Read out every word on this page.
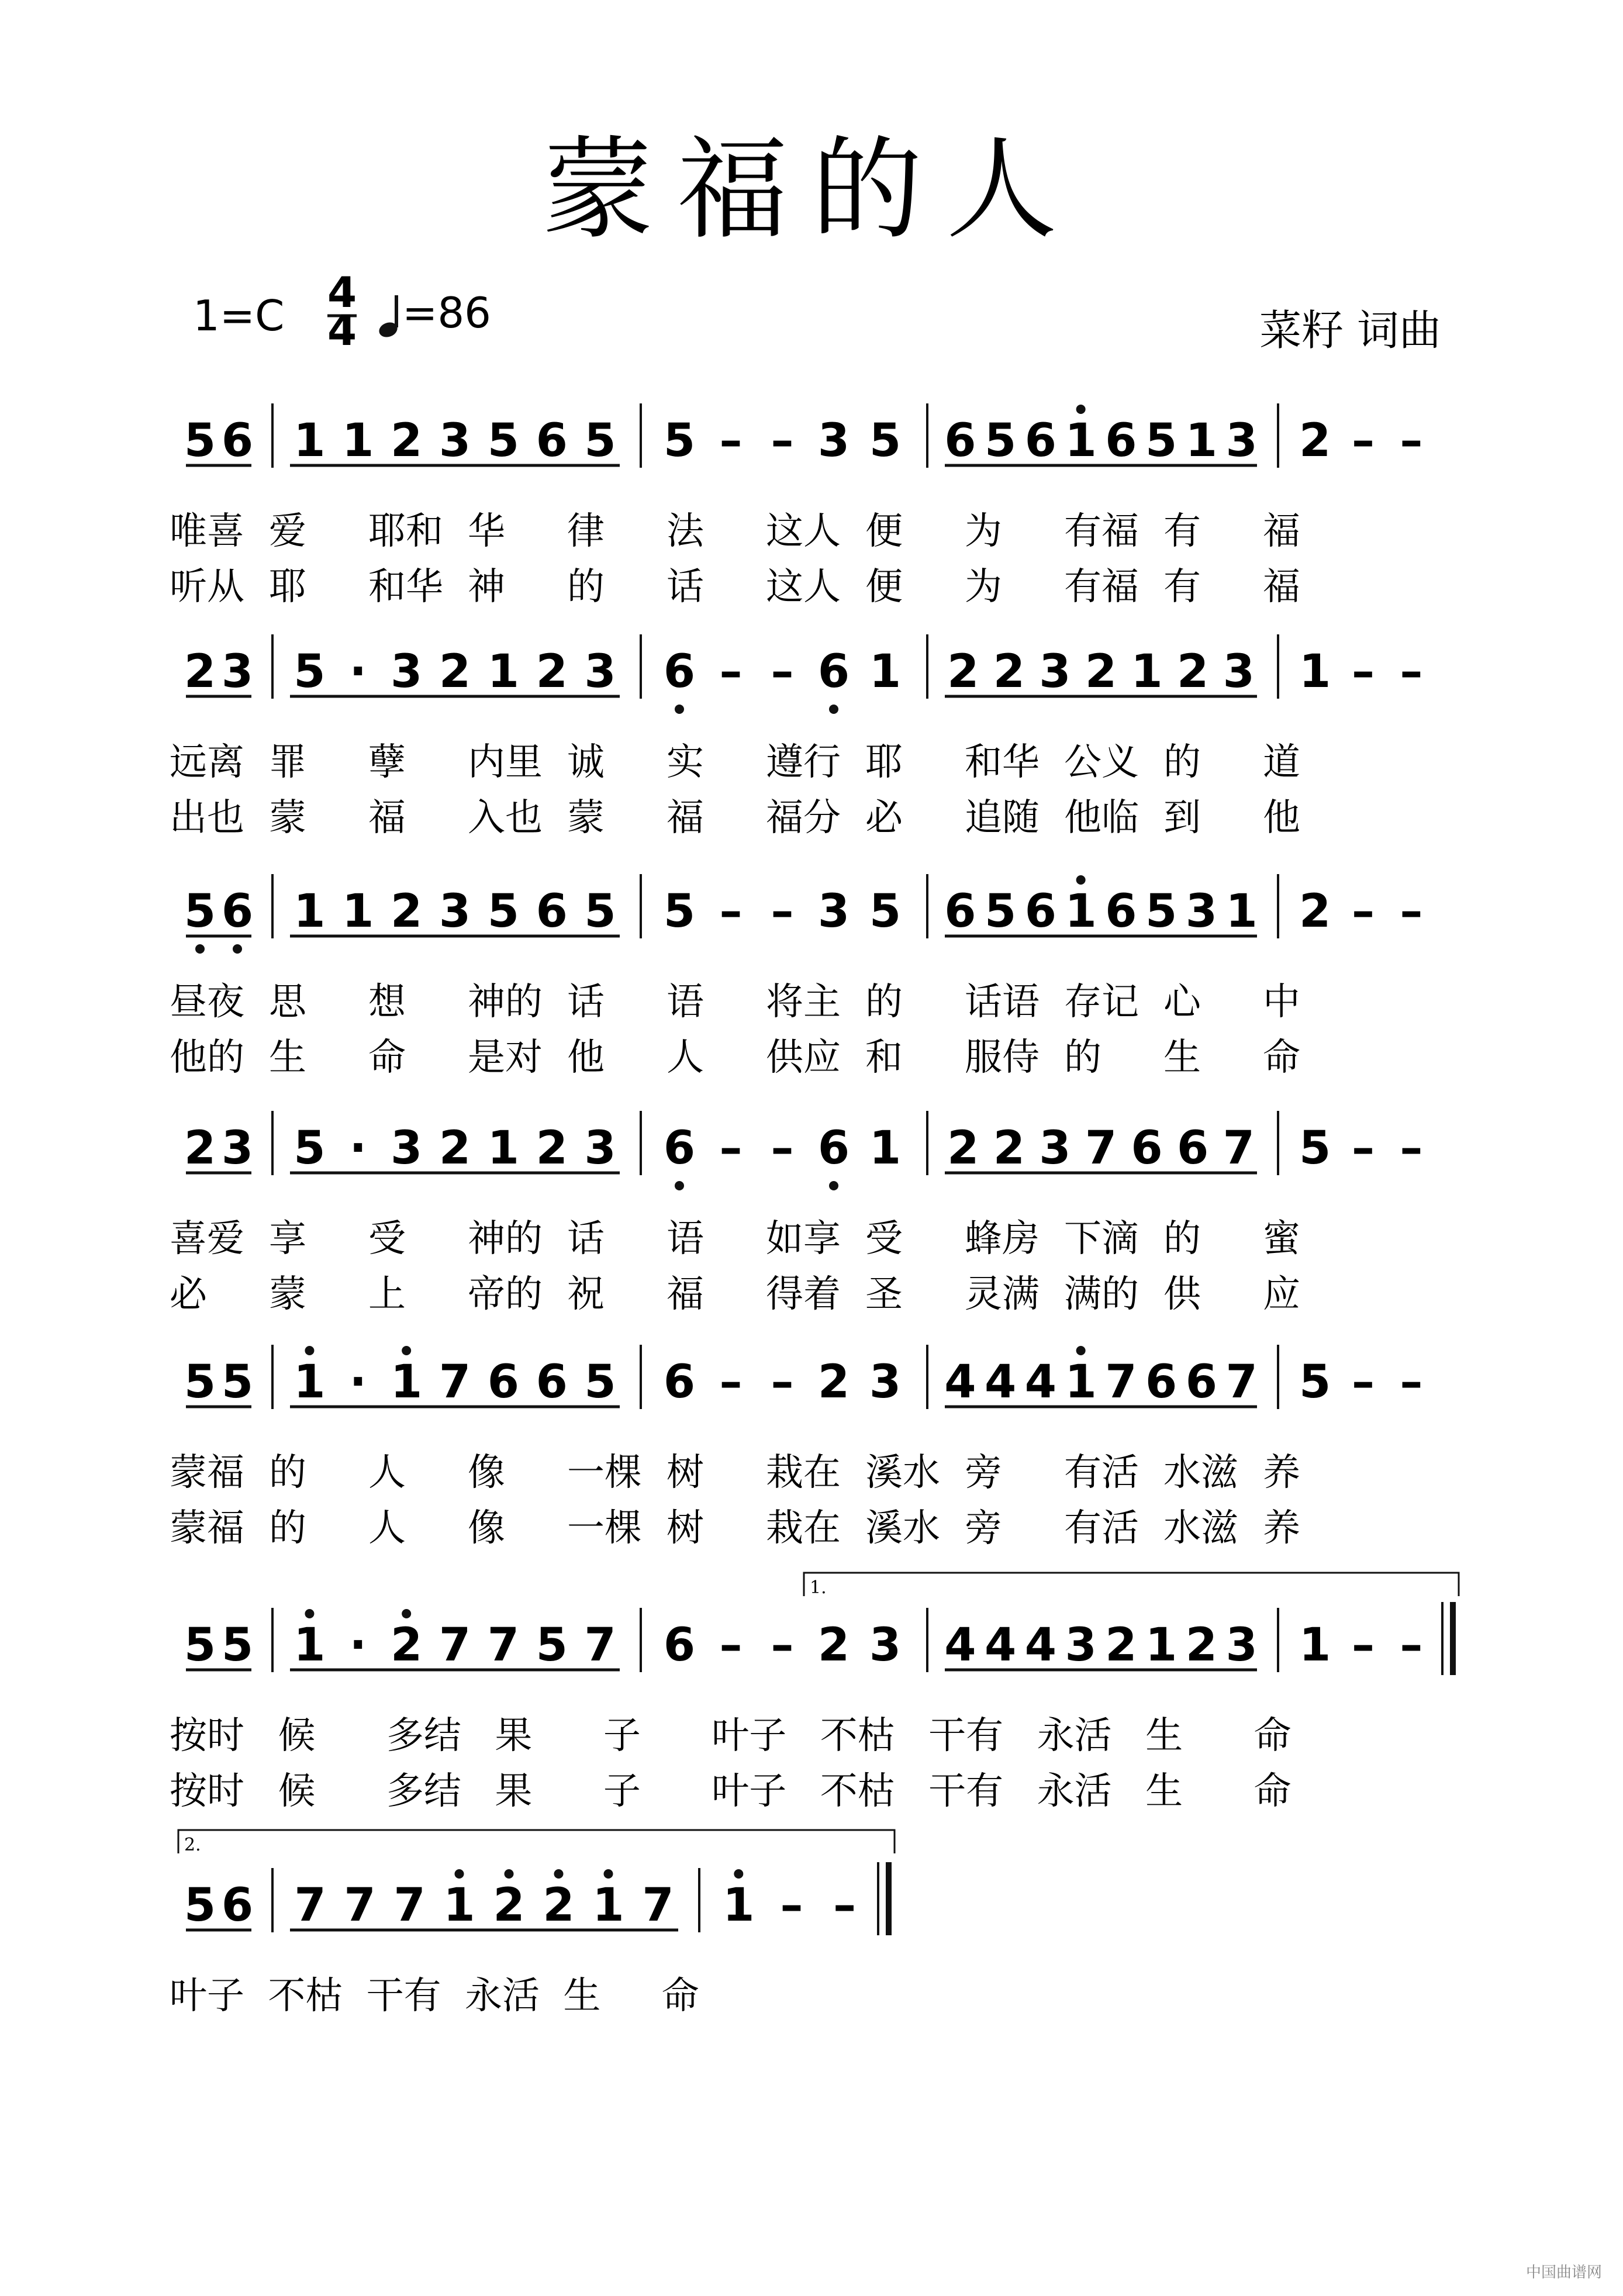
蒙福的人
1=C 4
4 =86	菜籽 词曲
5 6 1 1 2 3 5 6 5 5 – – 3 5 6 5 6 1 6 5 1 3 2 – –
唯喜 爱 耶和 华 律 法 这人 便 为 有福 有 福
听从 耶 和华 神 的 话 这人 便 为 有福 有 福
2 3 5 · 3 2 1 2 3 6 – – 6 1 2 2 3 2 1 2 3 1 – –
远离 罪 孽 内里 诚 实 遵行 耶 和华 公义 的 道
出也 蒙 福 入也 蒙 福 福分 必 追随 他临 到 他
5 6 1 1 2 3 5 6 5 5 – – 3 5 6 5 6 1 6 5 3 1 2 – –
昼夜 思 想 神的 话 语 将主 的 话语 存记 心 中
他的 生 命 是对 他 人 供应 和 服侍 的 生 命
2 3 5 · 3 2 1 2 3 6 – – 6 1 2 2 3 7 6 6 7 5 – –
喜爱 享 受 神的 话 语 如享 受 蜂房 下滴 的 蜜
必 蒙 上 帝的 祝 福 得着 圣 灵满 满的 供 应
5 5 1 · 1 7 6 6 5 6 – – 2 3 4 4 4 1 7 6 6 7 5 – –
蒙福 的 人 像 一棵 树 栽在 溪水 旁 有活 水滋 养
蒙福 的 人 像 一棵 树 栽在 溪水 旁 有活 水滋 养
5 5 1 · 2 7 7 5 7 6 – – 2 3 4 4 4 3 2 1 2 3 1 – –
按时 候 多结 果 子 叶子 不枯 干有 永活 生 命
按时 候 多结 果 子 叶子 不枯 干有 永活 生 命
5 6 7 7 7 1 2 2 1 7 1 – –
叶子 不枯 干有 永活 生 命
1.
2.
中国曲谱网
